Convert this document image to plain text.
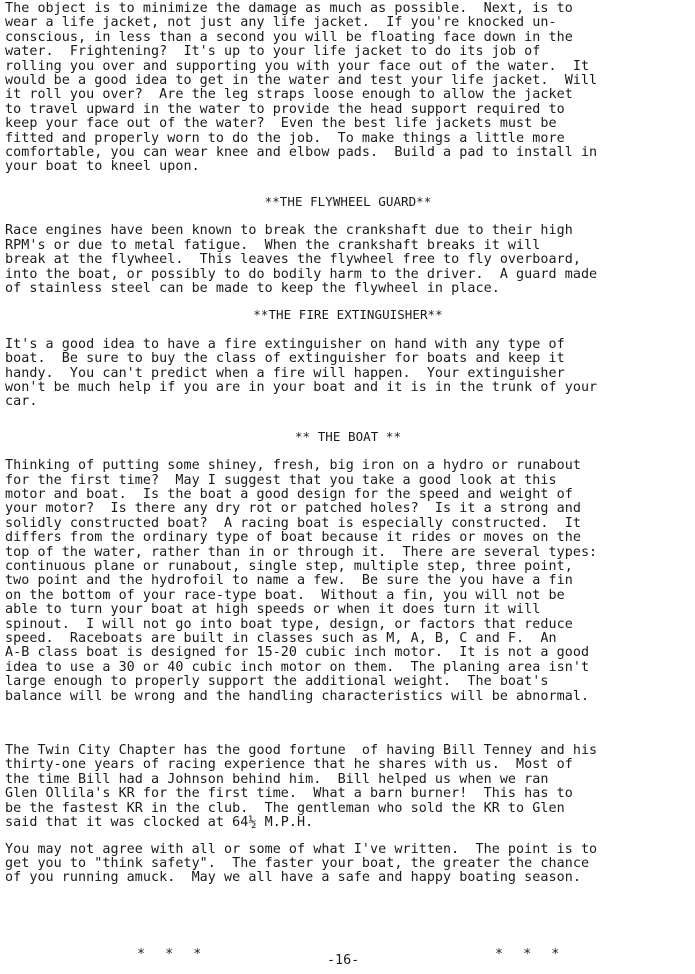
The object is to minimize the damage as much as possible.  Next, is to

wear a life jacket, not just any life jacket.  If you're knocked un-

conscious, in less than a second you will be floating face down in the

water.  Frightening?  It's up to your life jacket to do its job of

rolling you over and supporting you with your face out of the water.  It

would be a good idea to get in the water and test your life jacket.  Will

it roll you over?  Are the leg straps loose enough to allow the jacket

to travel upward in the water to provide the head support required to

keep your face out of the water?  Even the best life jackets must be

fitted and properly worn to do the job.  To make things a little more

comfortable, you can wear knee and elbow pads.  Build a pad to install in

your boat to kneel upon.

**THE FLYWHEEL GUARD**

Race engines have been known to break the crankshaft due to their high

RPM's or due to metal fatigue.  When the crankshaft breaks it will

break at the flywheel.  This leaves the flywheel free to fly overboard,

into the boat, or possibly to do bodily harm to the driver.  A guard made

of stainless steel can be made to keep the flywheel in place.

**THE FIRE EXTINGUISHER**

It's a good idea to have a fire extinguisher on hand with any type of

boat.  Be sure to buy the class of extinguisher for boats and keep it

handy.  You can't predict when a fire will happen.  Your extinguisher

won't be much help if you are in your boat and it is in the trunk of your

car.

** THE BOAT **

Thinking of putting some shiney, fresh, big iron on a hydro or runabout

for the first time?  May I suggest that you take a good look at this

motor and boat.  Is the boat a good design for the speed and weight of

your motor?  Is there any dry rot or patched holes?  Is it a strong and

solidly constructed boat?  A racing boat is especially constructed.  It

differs from the ordinary type of boat because it rides or moves on the

top of the water, rather than in or through it.  There are several types:

continuous plane or runabout, single step, multiple step, three point,

two point and the hydrofoil to name a few.  Be sure the you have a fin

on the bottom of your race-type boat.  Without a fin, you will not be

able to turn your boat at high speeds or when it does turn it will

spinout.  I will not go into boat type, design, or factors that reduce

speed.  Raceboats are built in classes such as M, A, B, C and F.  An

A-B class boat is designed for 15-20 cubic inch motor.  It is not a good

idea to use a 30 or 40 cubic inch motor on them.  The planing area isn't

large enough to properly support the additional weight.  The boat's

balance will be wrong and the handling characteristics will be abnormal.

The Twin City Chapter has the good fortune  of having Bill Tenney and his

thirty-one years of racing experience that he shares with us.  Most of

the time Bill had a Johnson behind him.  Bill helped us when we ran

Glen Ollila's KR for the first time.  What a barn burner!  This has to

be the fastest KR in the club.  The gentleman who sold the KR to Glen

said that it was clocked at 64½ M.P.H.

You may not agree with all or some of what I've written.  The point is to

get you to "think safety".  The faster your boat, the greater the chance

of you running amuck.  May we all have a safe and happy boating season.

* * *	-16-	* * *
